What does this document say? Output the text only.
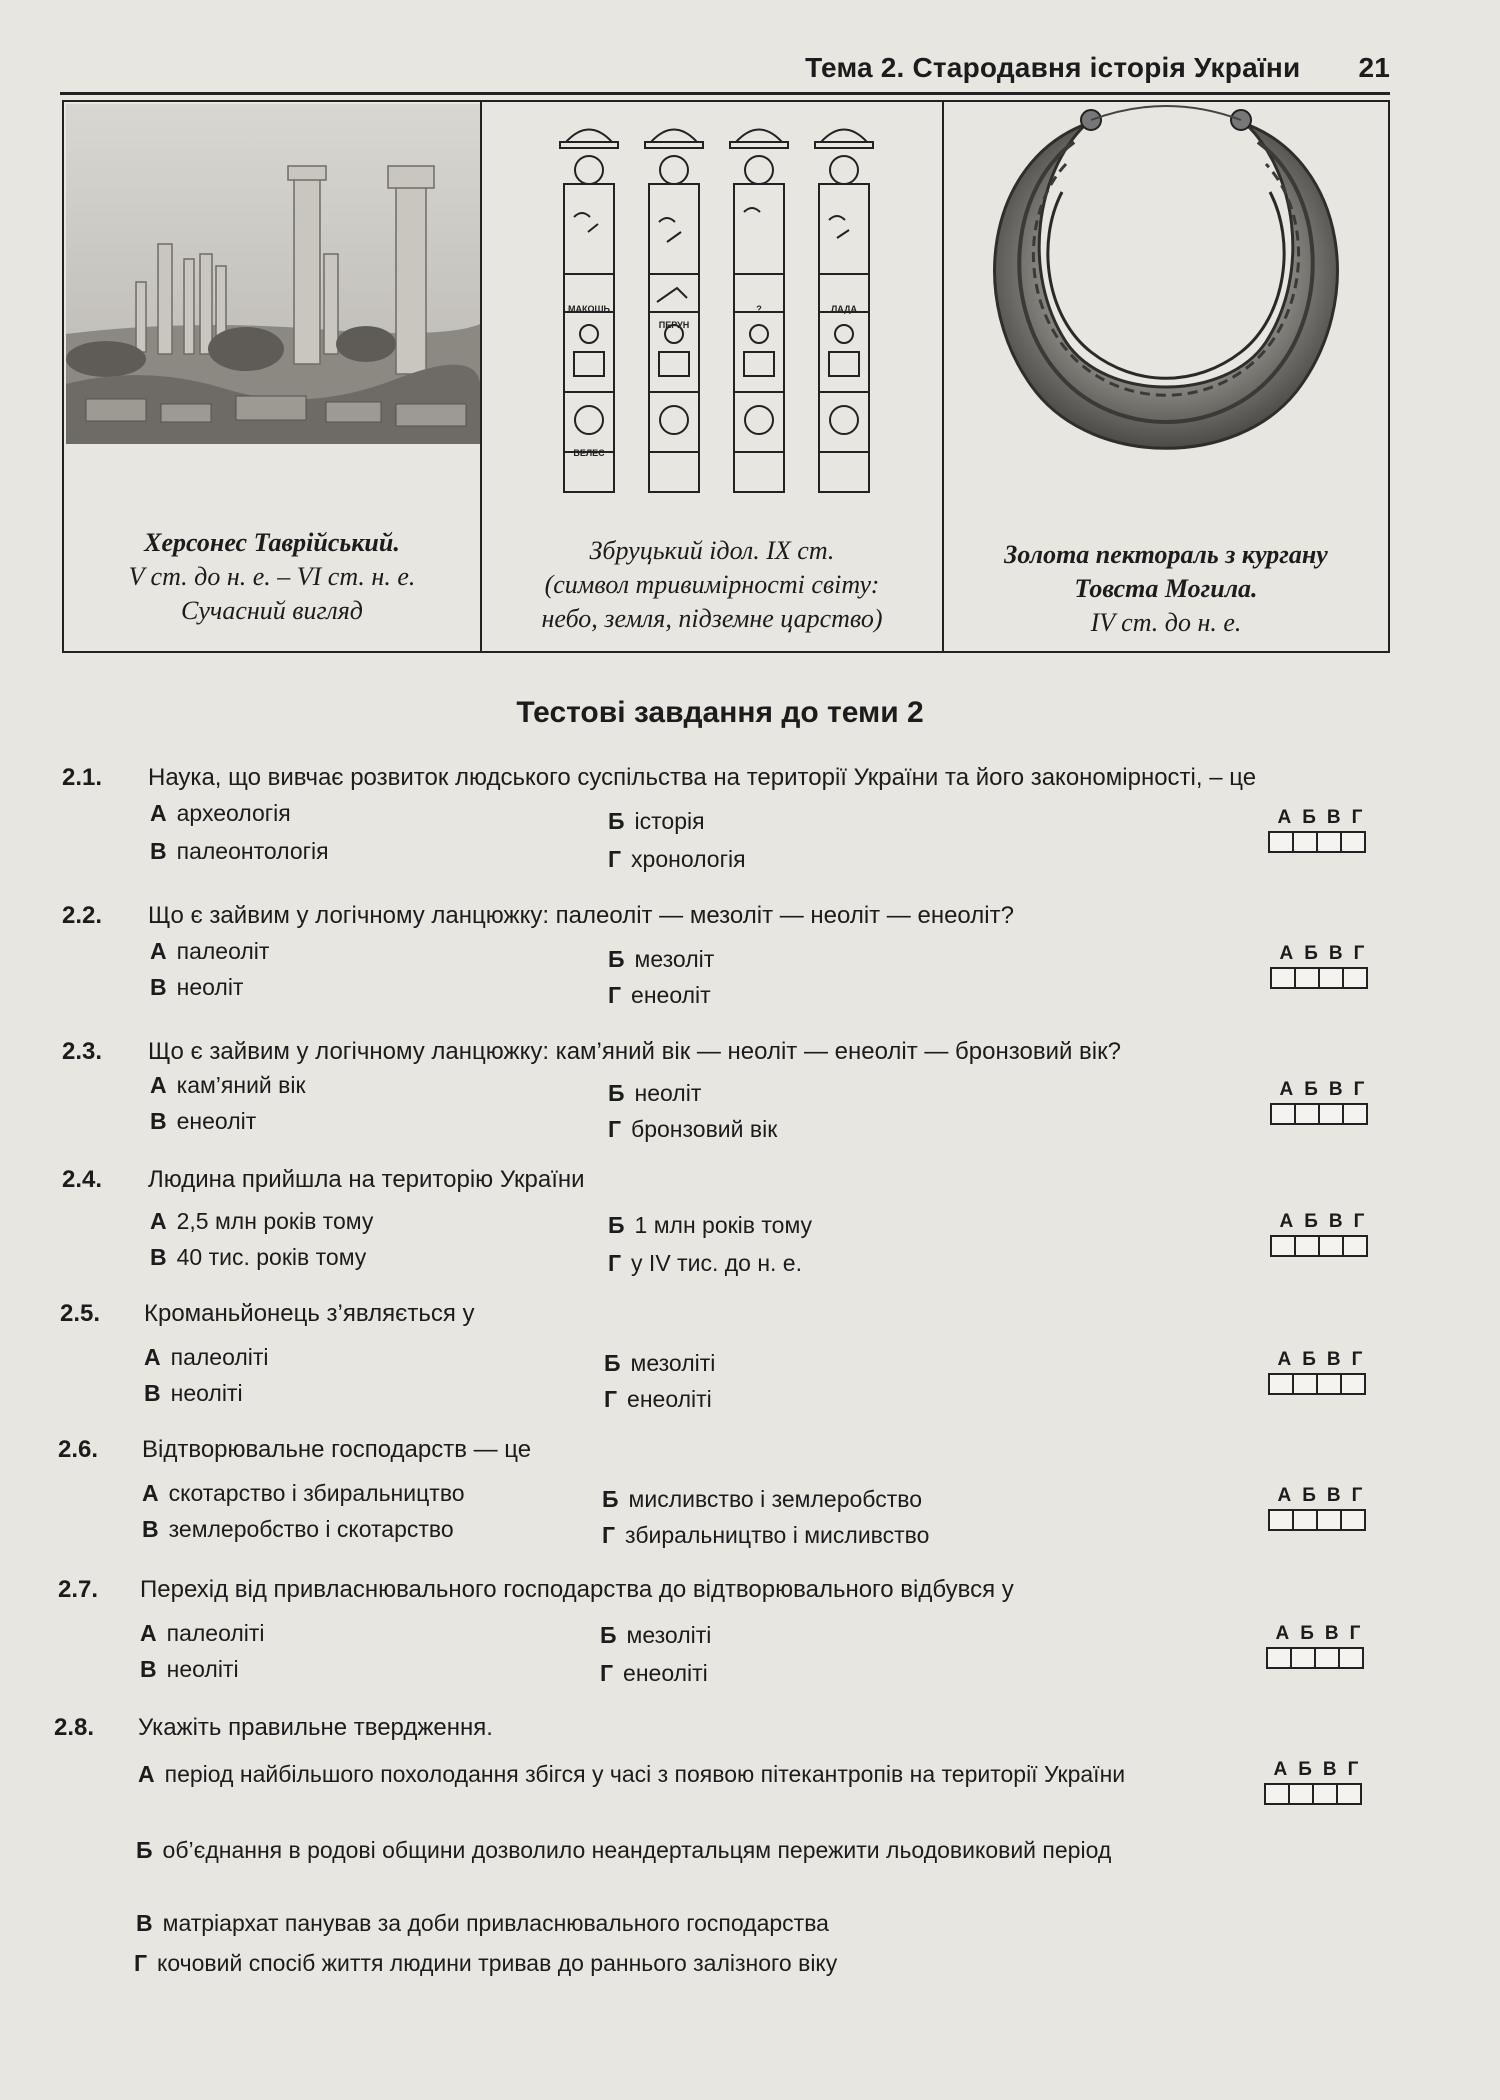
Тема 2. Стародавня історія України 21
Херсонес Таврійський.
V ст. до н. е. – VI ст. н. е.
Сучасний вигляд
МАКОШЬ
ПЕРУН
?	ЛАДА
ВЕЛЕС
Збруцький ідол. IX ст.
(символ тривимірності світу:
небо, земля, підземне царство)
Золота пектораль з кургану
Товста Могила.
IV ст. до н. е.
Тестові завдання до теми 2
2.1. Наука, що вивчає розвиток людського суспільства на території України та його закономірності, – це
А археологія	Б історія
В палеонтологія	Г хронологія
А Б В Г
2.2. Що є зайвим у логічному ланцюжку: палеоліт — мезоліт — неоліт — енеоліт?
А палеоліт	Б мезоліт
В неоліт	Г енеоліт
А Б В Г
2.3. Що є зайвим у логічному ланцюжку: кам’яний вік — неоліт — енеоліт — бронзовий вік?
А кам’яний вік	Б неоліт
В енеоліт	Г бронзовий вік
А Б В Г
2.4. Людина прийшла на територію України
А 2,5 млн років тому	Б 1 млн років тому
В 40 тис. років тому	Г у IV тис. до н. е.
А Б В Г
2.5. Кроманьйонець з’являється у
А палеоліті	Б мезоліті
В неоліті	Г енеоліті
А Б В Г
2.6. Відтворювальне господарств — це
А скотарство і збиральництво	Б мисливство і землеробство
В землеробство і скотарство	Г збиральництво і мисливство
А Б В Г
2.7. Перехід від привласнювального господарства до відтворювального відбувся у
А палеоліті	Б мезоліті
В неоліті	Г енеоліті
А Б В Г
2.8. Укажіть правильне твердження.
А період найбільшого похолодання збігся у часі з появою пітекантропів на території України
Б об’єднання в родові общини дозволило неандертальцям пережити льодовиковий період
В матріархат панував за доби привласнювального господарства
Г кочовий спосіб життя людини тривав до раннього залізного віку
А Б В Г
